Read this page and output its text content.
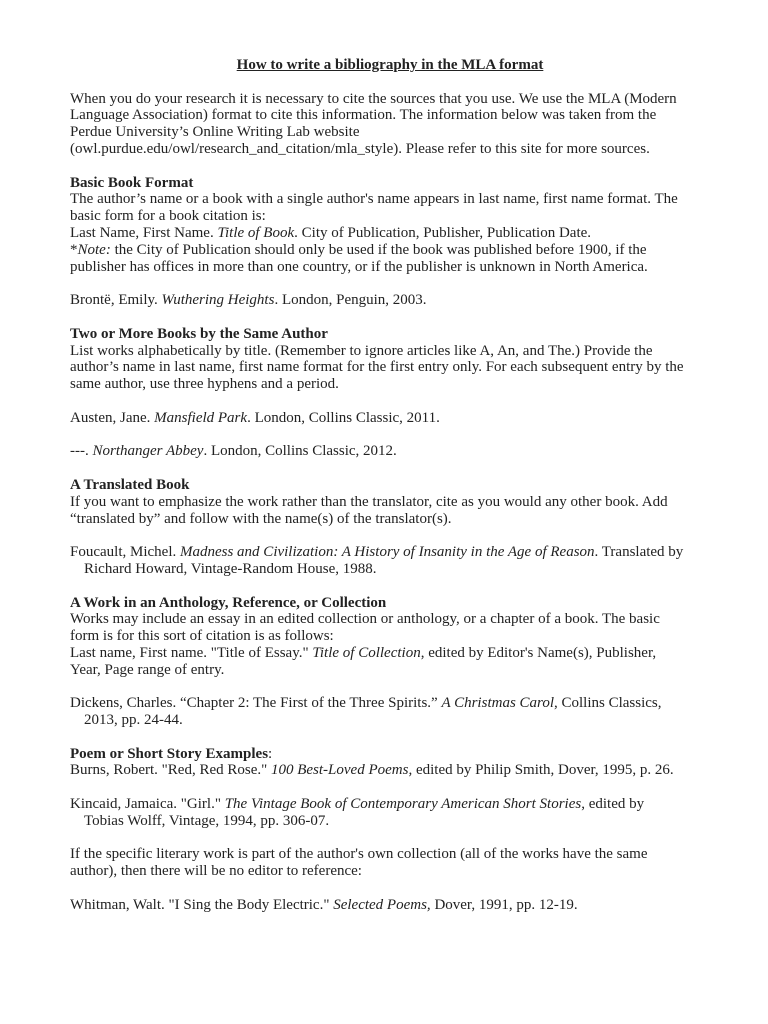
How to write a bibliography in the MLA format
When you do your research it is necessary to cite the sources that you use. We use the MLA (Modern
Language Association) format to cite this information. The information below was taken from the
Perdue University’s Online Writing Lab website
(owl.purdue.edu/owl/research_and_citation/mla_style). Please refer to this site for more sources.
Basic Book Format
The author’s name or a book with a single author's name appears in last name, first name format. The
basic form for a book citation is:
Last Name, First Name. Title of Book. City of Publication, Publisher, Publication Date.
*Note: the City of Publication should only be used if the book was published before 1900, if the
publisher has offices in more than one country, or if the publisher is unknown in North America.
Brontë, Emily. Wuthering Heights. London, Penguin, 2003.
Two or More Books by the Same Author
List works alphabetically by title. (Remember to ignore articles like A, An, and The.) Provide the
author’s name in last name, first name format for the first entry only. For each subsequent entry by the
same author, use three hyphens and a period.
Austen, Jane. Mansfield Park. London, Collins Classic, 2011.
---. Northanger Abbey. London, Collins Classic, 2012.
A Translated Book
If you want to emphasize the work rather than the translator, cite as you would any other book. Add
“translated by” and follow with the name(s) of the translator(s).
Foucault, Michel. Madness and Civilization: A History of Insanity in the Age of Reason. Translated by
Richard Howard, Vintage-Random House, 1988.
A Work in an Anthology, Reference, or Collection
Works may include an essay in an edited collection or anthology, or a chapter of a book. The basic
form is for this sort of citation is as follows:
Last name, First name. "Title of Essay." Title of Collection, edited by Editor's Name(s), Publisher,
Year, Page range of entry.
Dickens, Charles. “Chapter 2: The First of the Three Spirits.” A Christmas Carol, Collins Classics,
2013, pp. 24-44.
Poem or Short Story Examples:
Burns, Robert. "Red, Red Rose." 100 Best-Loved Poems, edited by Philip Smith, Dover, 1995, p. 26.
Kincaid, Jamaica. "Girl." The Vintage Book of Contemporary American Short Stories, edited by
Tobias Wolff, Vintage, 1994, pp. 306-07.
If the specific literary work is part of the author's own collection (all of the works have the same
author), then there will be no editor to reference:
Whitman, Walt. "I Sing the Body Electric." Selected Poems, Dover, 1991, pp. 12-19.
